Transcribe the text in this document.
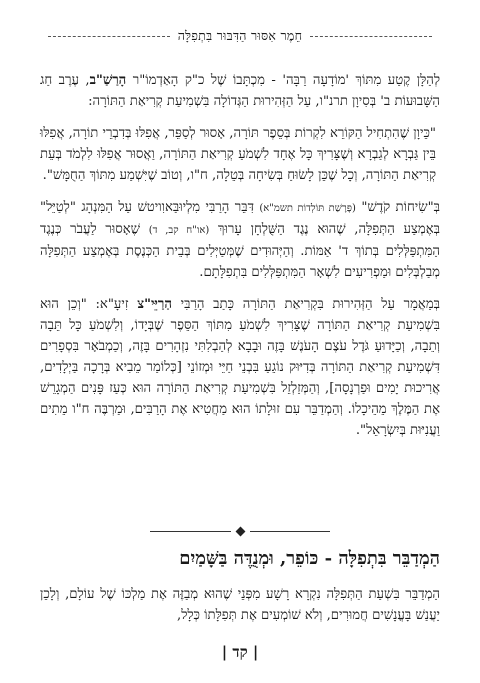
חֵמֶר אִסּוּר הַדִּבּוּר בִּתְפִלָּה

לְהַלָּן קֶטַע מִתּוֹךְ 'מוֹדָעָה רַבָּה' - מִכְתָּבוֹ שֶׁל כ"ק הָאַדְמוֹ"ר הָרַשַׁ"ב, עֶרֶב חַג הַשָּׁבוּעוֹת ב' בְּסִיוָן תרנ"ו, עַל הַזְּהִירוּת הַגְּדוֹלָה בִּשְׁמִיעַת קְרִיאַת הַתּוֹרָה:

"כֵּיוָן שֶׁהִתְחִיל הַקּוֹרֵא לִקְרוֹת בְּסֵפֶר תּוֹרָה, אָסוּר לְסַפֵּר, אֲפִלּוּ בְּדִבְרֵי תוֹרָה, אֲפִלּוּ בֵּין גַּבְרָא לְגַבְרָא וְשֶׁצָּרִיךְ כָּל אֶחָד לִשְׁמֹעַ קְרִיאַת הַתּוֹרָה, וַאֲסוּר אֲפִלּוּ לִלְמֹד בְּעֵת קְרִיאַת הַתּוֹרָה, וְכָל שֶׁכֵּן לָשׂוּחַ בְּשִׂיחָה בְּטֵלָה, ח"ו, וְטוֹב שֶׁיִּשְׁמַע מִתּוֹךְ הַחֻמָּשׁ".

בְּ"שִׂיחוֹת קֹדֶשׁ" (פָּרָשַׁת תּוֹלְדוֹת תשמ"א) דִּבֵּר הָרַבִּי מִלְיוּבַּאוִויטשׁ עַל הַמִּנְהָג "לְטַיֵּל" בְּאֶמְצַע הַתְּפִלָּה, שֶׁהוּא נֶגֶד הַשֻּׁלְחָן עָרוּךְ (או"ח קב, ד) שֶׁאָסוּר לַעֲבֹר כְּנֶגֶד הַמִּתְפַּלְּלִים בְּתוֹךְ ד' אַמּוֹת. וְהַיְּהוּדִים שֶׁמְּטַיְּלִים בְּבֵית הַכְּנֶסֶת בְּאֶמְצַע הַתְּפִלָּה מְבַלְבְּלִים וּמַפְרִיעִים לִשְׁאָר הַמִּתְפַּלְּלִים בִּתְפִלָּתָם.

בְּמַאֲמָר עַל הַזְּהִירוּת בִּקְרִיאַת הַתּוֹרָה כָּתַב הָרַבִּי הַרַיֵּי"צ זִיעָ"א: "וְכֵן הוּא בִּשְׁמִיעַת קְרִיאַת הַתּוֹרָה שֶׁצָּרִיךְ לִשְׁמֹעַ מִתּוֹךְ הַסֵּפֶר שֶׁבְּיָדוֹ, וְלִשְׁמֹעַ כָּל תֵּבָה וְתֵבָה, וְכַיָּדוּעַ גֹּדֶל עֹצֶם הָעֹנֶשׁ בָּזֶה וּבָבָא לְהַבְלִתִּי נִזְהָרִים בָּזֶה, וְכַמְבֹאָר בִּסְפָרִים דִּשְׁמִיעַת קְרִיאַת הַתּוֹרָה בְּדִיּוּק נוֹגֵעַ בִּבְנֵי חַיֵּי וּמְזוֹנֵי [כְּלוֹמַר מֵבִיא בְּרָכָה בַּיְלָדִים, אֲרִיכוּת יָמִים וּפַרְנָסָה], וְהַמְּזַלְזֵל בִּשְׁמִיעַת קְרִיאַת הַתּוֹרָה הוּא כְּעַז פָּנִים הַמְגָרֵשׁ אֶת הַמֶּלֶךְ מֵהֵיכָלוֹ. וְהַמְדַבֵּר עִם זוּלָתוֹ הוּא מַחֲטִיא אֶת הָרַבִּים, וּמַרְבֶּה ח"ו מֵתִים וַעֲנִיּוּת בְּיִשְׂרָאֵל".

הַמְדַבֵּר בִּתְפִלָּה - כּוֹפֵר, וּמְנֻדֶּה בַּשָּׁמַיִם
הַמְדַבֵּר בִּשְׁעַת הַתְּפִלָּה נִקְרָא רָשָׁע מִפְּנֵי שֶׁהוּא מְבַזֶּה אֶת מַלְכּוֹ שֶׁל עוֹלָם, וְלָכֵן יַעֲנַשׁ בָּעֳנָשִׁים חֲמוּרִים, וְלֹא שׁוֹמְעִים אֶת תְּפִלָּתוֹ כְּלָל,
| קד |
